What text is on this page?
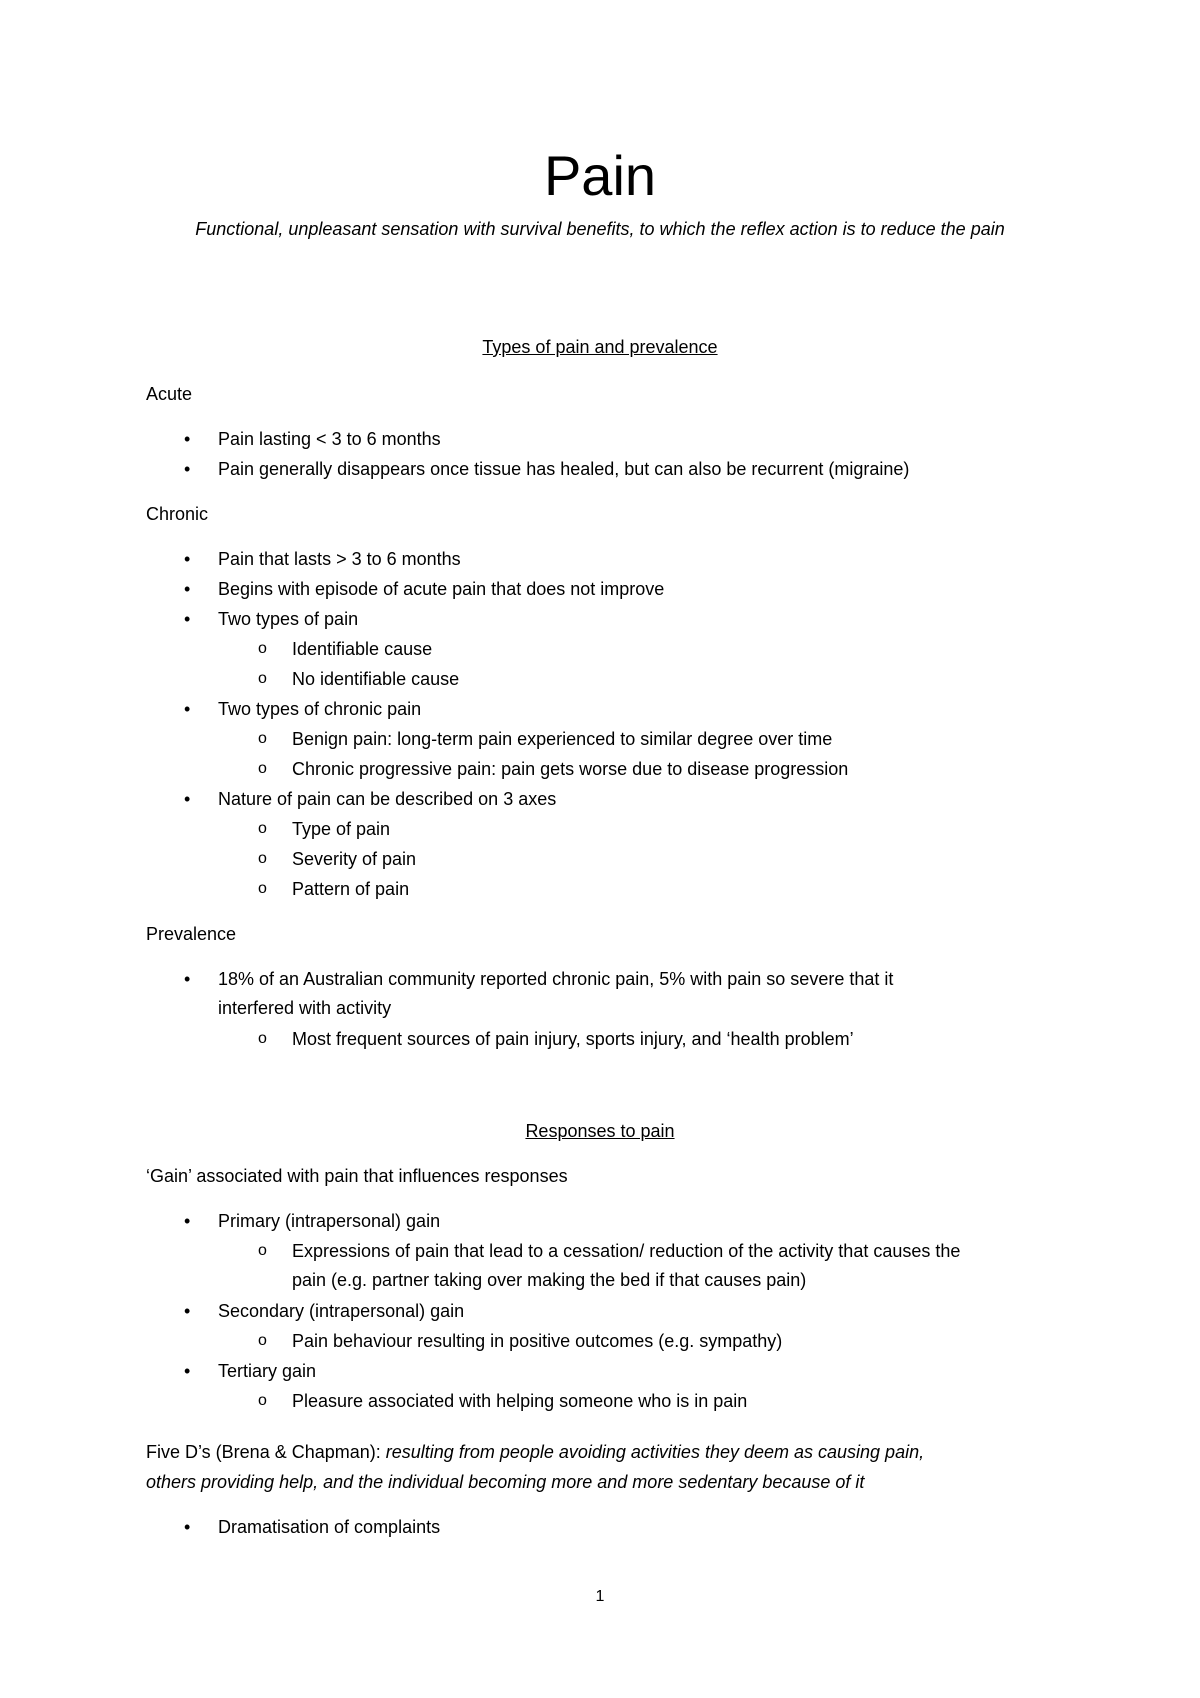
Pain
Functional, unpleasant sensation with survival benefits, to which the reflex action is to reduce the pain
Types of pain and prevalence
Acute
• Pain lasting < 3 to 6 months
• Pain generally disappears once tissue has healed, but can also be recurrent (migraine)
Chronic
• Pain that lasts > 3 to 6 months
• Begins with episode of acute pain that does not improve
• Two types of pain
o Identifiable cause
o No identifiable cause
• Two types of chronic pain
o Benign pain: long-term pain experienced to similar degree over time
o Chronic progressive pain: pain gets worse due to disease progression
• Nature of pain can be described on 3 axes
o Type of pain
o Severity of pain
o Pattern of pain
Prevalence
• 18% of an Australian community reported chronic pain, 5% with pain so severe that it
interfered with activity
o Most frequent sources of pain injury, sports injury, and ‘health problem’
Responses to pain
‘Gain’ associated with pain that influences responses
• Primary (intrapersonal) gain
o Expressions of pain that lead to a cessation/ reduction of the activity that causes the
pain (e.g. partner taking over making the bed if that causes pain)
• Secondary (intrapersonal) gain
o Pain behaviour resulting in positive outcomes (e.g. sympathy)
• Tertiary gain
o Pleasure associated with helping someone who is in pain
Five D’s (Brena & Chapman): resulting from people avoiding activities they deem as causing pain,
others providing help, and the individual becoming more and more sedentary because of it
• Dramatisation of complaints
1
